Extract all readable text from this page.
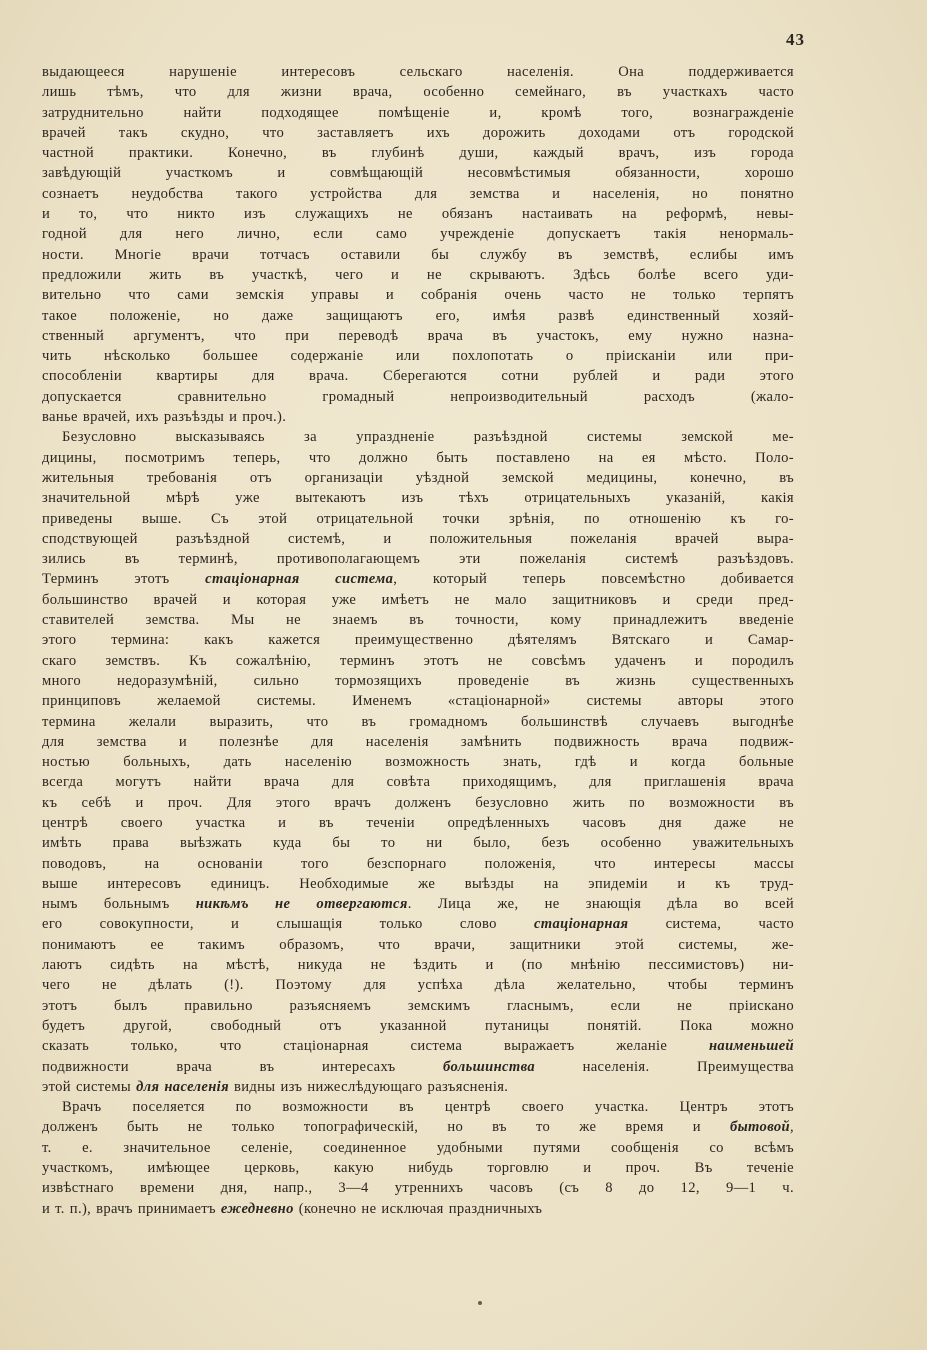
43

выдающееся нарушеніе интересовъ сельскаго населенія. Она поддерживается
лишь тѣмъ, что для жизни врача, особенно семейнаго, въ участкахъ часто
затруднительно найти подходящее помѣщеніе и, кромѣ того, вознагражденіе
врачей такъ скудно, что заставляетъ ихъ дорожить доходами отъ городской
частной практики. Конечно, въ глубинѣ души, каждый врачъ, изъ города
завѣдующій участкомъ и совмѣщающій несовмѣстимыя обязанности, хорошо
сознаетъ неудобства такого устройства для земства и населенія, но понятно
и то, что никто изъ служащихъ не обязанъ настаивать на реформѣ, невы-
годной для него лично, если само учрежденіе допускаетъ такія ненормаль-
ности. Многіе врачи тотчасъ оставили бы службу въ земствѣ, еслибы имъ
предложили жить въ участкѣ, чего и не скрываютъ. Здѣсь болѣе всего уди-
вительно что сами земскія управы и собранія очень часто не только терпятъ
такое положеніе, но даже защищаютъ его, имѣя развѣ единственный хозяй-
ственный аргументъ, что при переводѣ врача въ участокъ, ему нужно назна-
чить нѣсколько большее содержаніе или похлопотать о пріисканіи или при-
способленіи квартиры для врача. Сберегаются сотни рублей и ради этого
допускается сравнительно громадный непроизводительный расходъ (жало-
ванье врачей, ихъ разъѣзды и проч.).

Безусловно высказываясь за упраздненіе разъѣздной системы земской ме-
дицины, посмотримъ теперь, что должно быть поставлено на ея мѣсто. Поло-
жительныя требованія отъ организаціи уѣздной земской медицины, конечно, въ
значительной мѣрѣ уже вытекаютъ изъ тѣхъ отрицательныхъ указаній, какія
приведены выше. Съ этой отрицательной точки зрѣнія, по отношенію къ го-
сподствующей разъѣздной системѣ, и положительныя пожеланія врачей выра-
зились въ терминѣ, противополагающемъ эти пожеланія системѣ разъѣздовъ.
Терминъ этотъ стаціонарная система, который теперь повсемѣстно добивается
большинство врачей и которая уже имѣетъ не мало защитниковъ и среди пред-
ставителей земства. Мы не знаемъ въ точности, кому принадлежитъ введеніе
этого термина: какъ кажется преимущественно дѣятелямъ Вятскаго и Самар-
скаго земствъ. Къ сожалѣнію, терминъ этотъ не совсѣмъ удаченъ и породилъ
много недоразумѣній, сильно тормозящихъ проведеніе въ жизнь существенныхъ
принциповъ желаемой системы. Именемъ «стаціонарной» системы авторы этого
термина желали выразить, что въ громадномъ большинствѣ случаевъ выгоднѣе
для земства и полезнѣе для населенія замѣнить подвижность врача подвиж-
ностью больныхъ, дать населенію возможность знать, гдѣ и когда больные
всегда могутъ найти врача для совѣта приходящимъ, для приглашенія врача
къ себѣ и проч. Для этого врачъ долженъ безусловно жить по возможности въ
центрѣ своего участка и въ теченіи опредѣленныхъ часовъ дня даже не
имѣть права выѣзжать куда бы то ни было, безъ особенно уважительныхъ
поводовъ, на основаніи того безспорнаго положенія, что интересы массы
выше интересовъ единицъ. Необходимые же выѣзды на эпидеміи и къ труд-
нымъ больнымъ никѣмъ не отвергаются. Лица же, не знающія дѣла во всей
его совокупности, и слышащія только слово стаціонарная система, часто
понимаютъ ее такимъ образомъ, что врачи, защитники этой системы, же-
лаютъ сидѣть на мѣстѣ, никуда не ѣздить и (по мнѣнію пессимистовъ) ни-
чего не дѣлать (!). Поэтому для успѣха дѣла желательно, чтобы терминъ
этотъ былъ правильно разъясняемъ земскимъ гласнымъ, если не пріискано
будетъ другой, свободный отъ указанной путаницы понятій. Пока можно
сказать только, что стаціонарная система выражаетъ желаніе наименьшей
подвижности врача въ интересахъ большинства населенія. Преимущества
этой системы для населенія видны изъ нижеслѣдующаго разъясненія.

Врачъ поселяется по возможности въ центрѣ своего участка. Центръ этотъ
долженъ быть не только топографическій, но въ то же время и бытовой,
т. е. значительное селеніе, соединенное удобными путями сообщенія со всѣмъ
участкомъ, имѣющее церковь, какую нибудь торговлю и проч. Въ теченіе
извѣстнаго времени дня, напр., 3—4 утреннихъ часовъ (съ 8 до 12, 9—1 ч.
и т. п.), врачъ принимаетъ ежедневно (конечно не исключая праздничныхъ
